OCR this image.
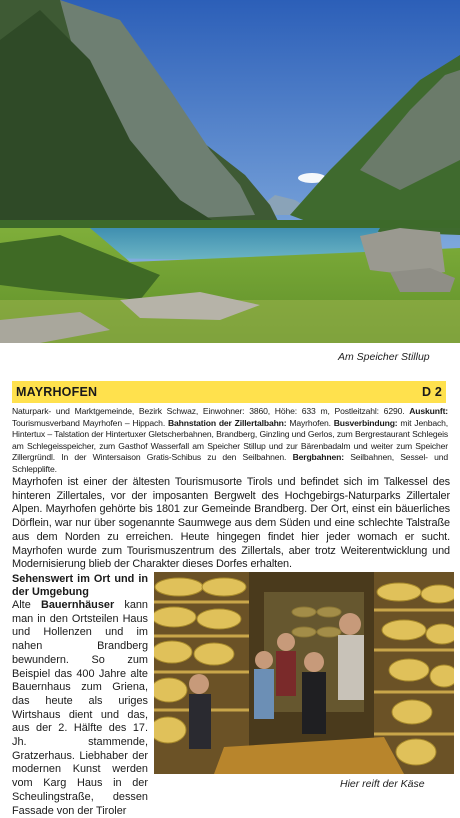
Am Speicher Stillup
MAYRHOFEN	D 2
Naturpark- und Marktgemeinde, Bezirk Schwaz, Einwohner: 3860, Höhe: 633 m, Postleitzahl: 6290. Auskunft: Tourismusverband Mayrhofen – Hippach. Bahnstation der Zillertalbahn: Mayrhofen. Busverbindung: mit Jenbach, Hintertux – Talstation der Hintertuxer Gletscherbahnen, Brandberg, Ginzling und Gerlos, zum Bergrestaurant Schlegeis am Schlegeisspeicher, zum Gasthof Wasserfall am Speicher Stillup und zur Bärenbadalm und weiter zum Speicher Zillergründl. In der Wintersaison Gratis-Schibus zu den Seilbahnen. Bergbahnen: Seilbahnen, Sessel- und Schlepplifte.
Mayrhofen ist einer der ältesten Tourismusorte Tirols und befindet sich im Talkessel des hinteren Zillertales, vor der imposanten Bergwelt des Hochgebirgs-Naturparks Zillertaler Alpen. Mayrhofen gehörte bis 1801 zur Gemeinde Brandberg. Der Ort, einst ein bäuerliches Dörflein, war nur über sogenannte Saumwege aus dem Süden und eine schlechte Talstraße aus dem Norden zu erreichen. Heute hingegen findet hier jeder womach er sucht. Mayrhofen wurde zum Tourismuszentrum des Zillertals, aber trotz Weiterentwicklung und Modernisierung blieb der Charakter dieses Dorfes erhalten.
Sehenswert im Ort und in der Umgebung
Alte Bauernhäuser kann man in den Ortsteilen Haus und Hollenzen und im nahen Brandberg bewundern. So zum Beispiel das 400 Jahre alte Bauernhaus zum Griena, das heute als uriges Wirtshaus dient und das, aus der 2. Hälfte des 17. Jh. stammende, Gratzerhaus. Liebhaber der modernen Kunst werden vom Karg Haus in der Scheulingstraße, dessen Fassade von der Tiroler
Hier reift der Käse
